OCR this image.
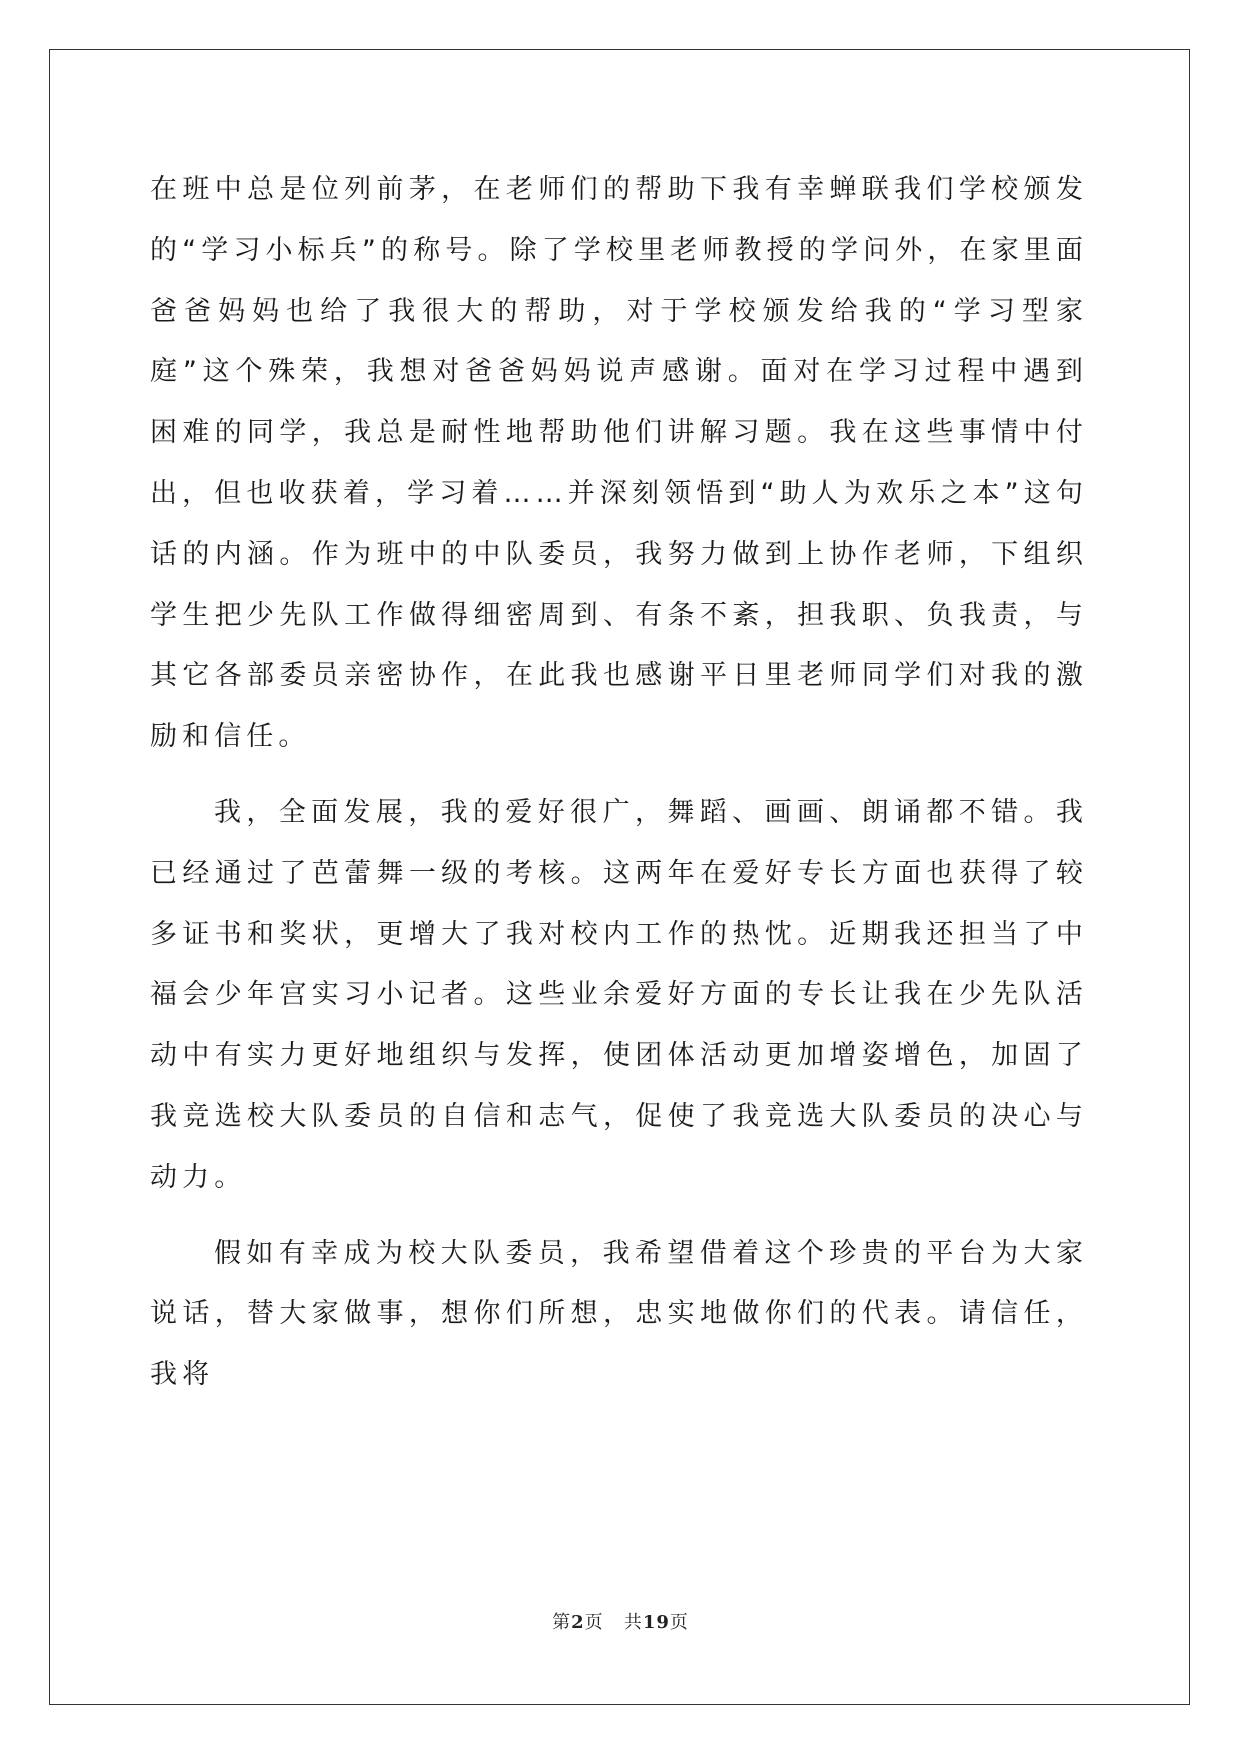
在班中总是位列前茅，在老师们的帮助下我有幸蝉联我们学校颁发的“学习小标兵”的称号。除了学校里老师教授的学问外，在家里面爸爸妈妈也给了我很大的帮助，对于学校颁发给我的“学习型家庭”这个殊荣，我想对爸爸妈妈说声感谢。面对在学习过程中遇到困难的同学，我总是耐性地帮助他们讲解习题。我在这些事情中付出，但也收获着，学习着……并深刻领悟到“助人为欢乐之本”这句话的内涵。作为班中的中队委员，我努力做到上协作老师，下组织学生把少先队工作做得细密周到、有条不紊，担我职、负我责，与其它各部委员亲密协作，在此我也感谢平日里老师同学们对我的激励和信任。

我，全面发展，我的爱好很广，舞蹈、画画、朗诵都不错。我已经通过了芭蕾舞一级的考核。这两年在爱好专长方面也获得了较多证书和奖状，更增大了我对校内工作的热忱。近期我还担当了中福会少年宫实习小记者。这些业余爱好方面的专长让我在少先队活动中有实力更好地组织与发挥，使团体活动更加增姿增色，加固了我竞选校大队委员的自信和志气，促使了我竞选大队委员的决心与动力。

假如有幸成为校大队委员，我希望借着这个珍贵的平台为大家说话，替大家做事，想你们所想，忠实地做你们的代表。请信任，我将

第2页 共19页
